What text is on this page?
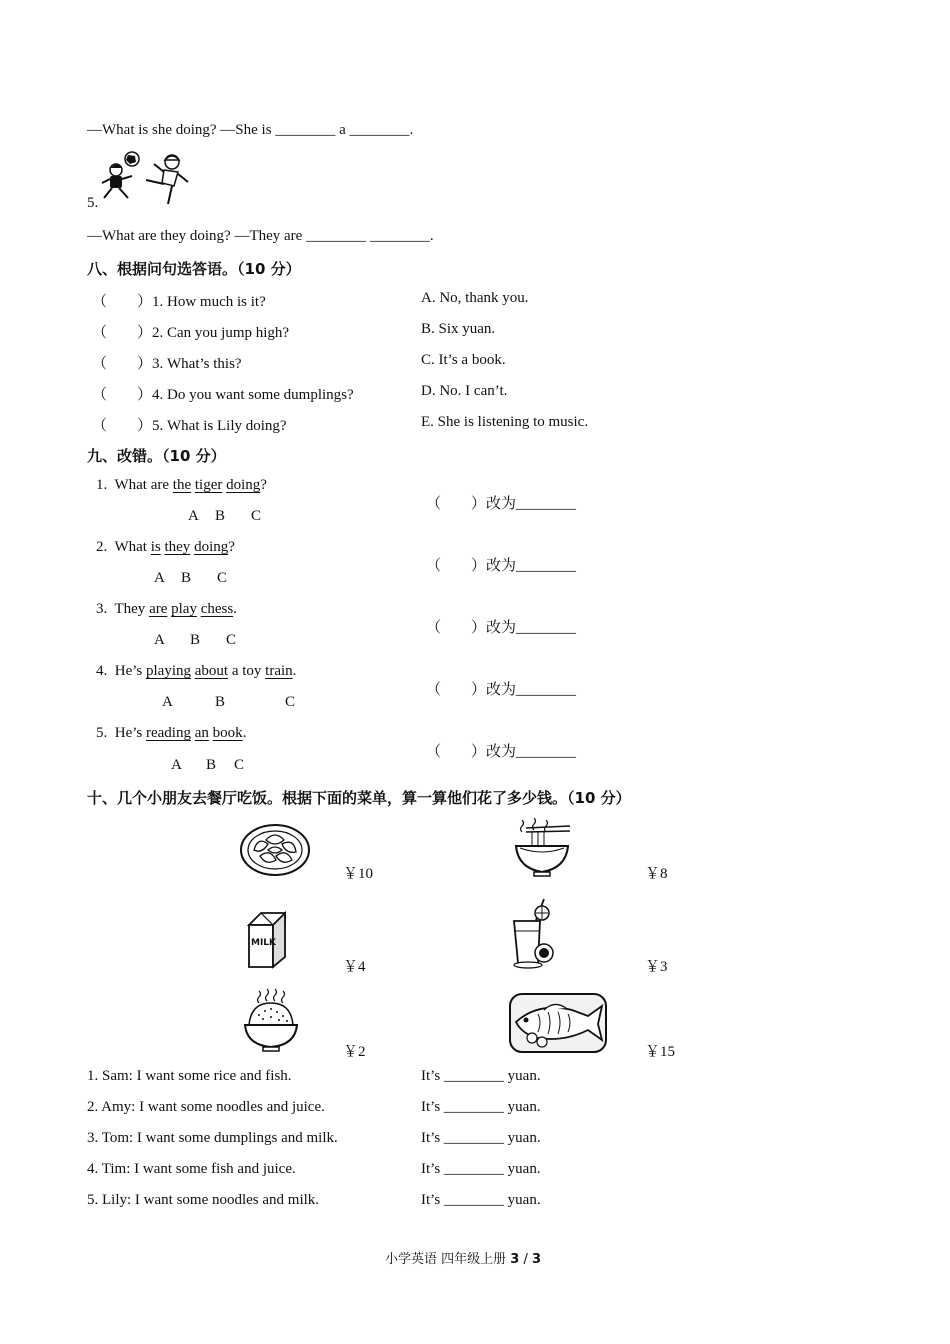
—What is she doing? —She is ________ a ________.
5.
—What are they doing? —They are ________ ________.
八、根据问句选答语。（10 分）
（　　）1. How much is it?
（　　）2. Can you jump high?
（　　）3. What’s this?
（　　）4. Do you want some dumplings?
（　　）5. What is Lily doing?
A. No, thank you.
B. Six yuan.
C. It’s a book.
D. No. I can’t.
E. She is listening to music.
九、改错。（10 分）
1. What are the tiger doing?
A B C
（　　）改为________
2. What is they doing?
A B C
（　　）改为________
3. They are play chess.
A B C
（　　）改为________
4. He’s playing about a toy train.
A	B	C
（　　）改为________
5. He’s reading an book.
A B C
（　　）改为________
十、几个小朋友去餐厅吃饭。根据下面的菜单，算一算他们花了多少钱。（10 分）
￥10	￥8
MILK
￥4	￥3
￥2	￥15
1. Sam: I want some rice and fish.	It’s ________ yuan.
2. Amy: I want some noodles and juice.	It’s ________ yuan.
3. Tom: I want some dumplings and milk.	It’s ________ yuan.
4. Tim: I want some fish and juice.	It’s ________ yuan.
5. Lily: I want some noodles and milk.	It’s ________ yuan.
小学英语 四年级上册 3 / 3
